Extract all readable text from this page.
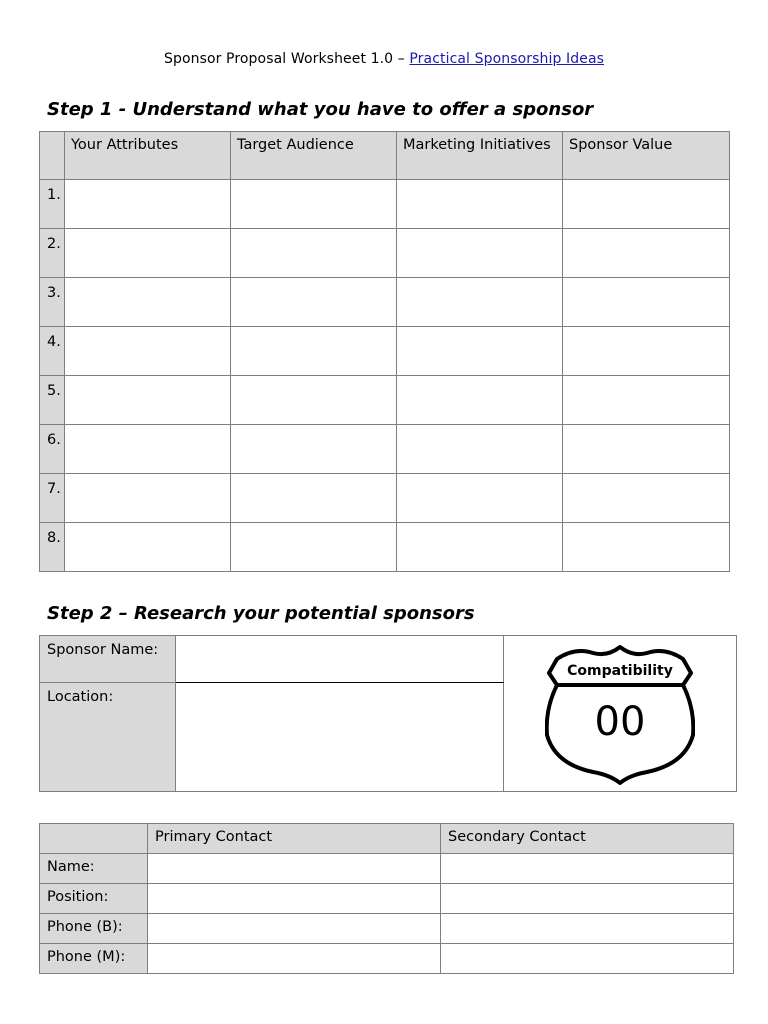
Sponsor Proposal Worksheet 1.0 – Practical Sponsorship Ideas
Step 1 - Understand what you have to offer a sponsor
	Your Attributes	Target Audience	Marketing Initiatives	Sponsor Value
1.				
2.				
3.				
4.				
5.				
6.				
7.				
8.				
Step 2 – Research your potential sponsors
Sponsor Name:		Compatibility
00

Location:		
	Primary Contact	Secondary Contact
Name:		
Position:		
Phone (B):		
Phone (M):		
